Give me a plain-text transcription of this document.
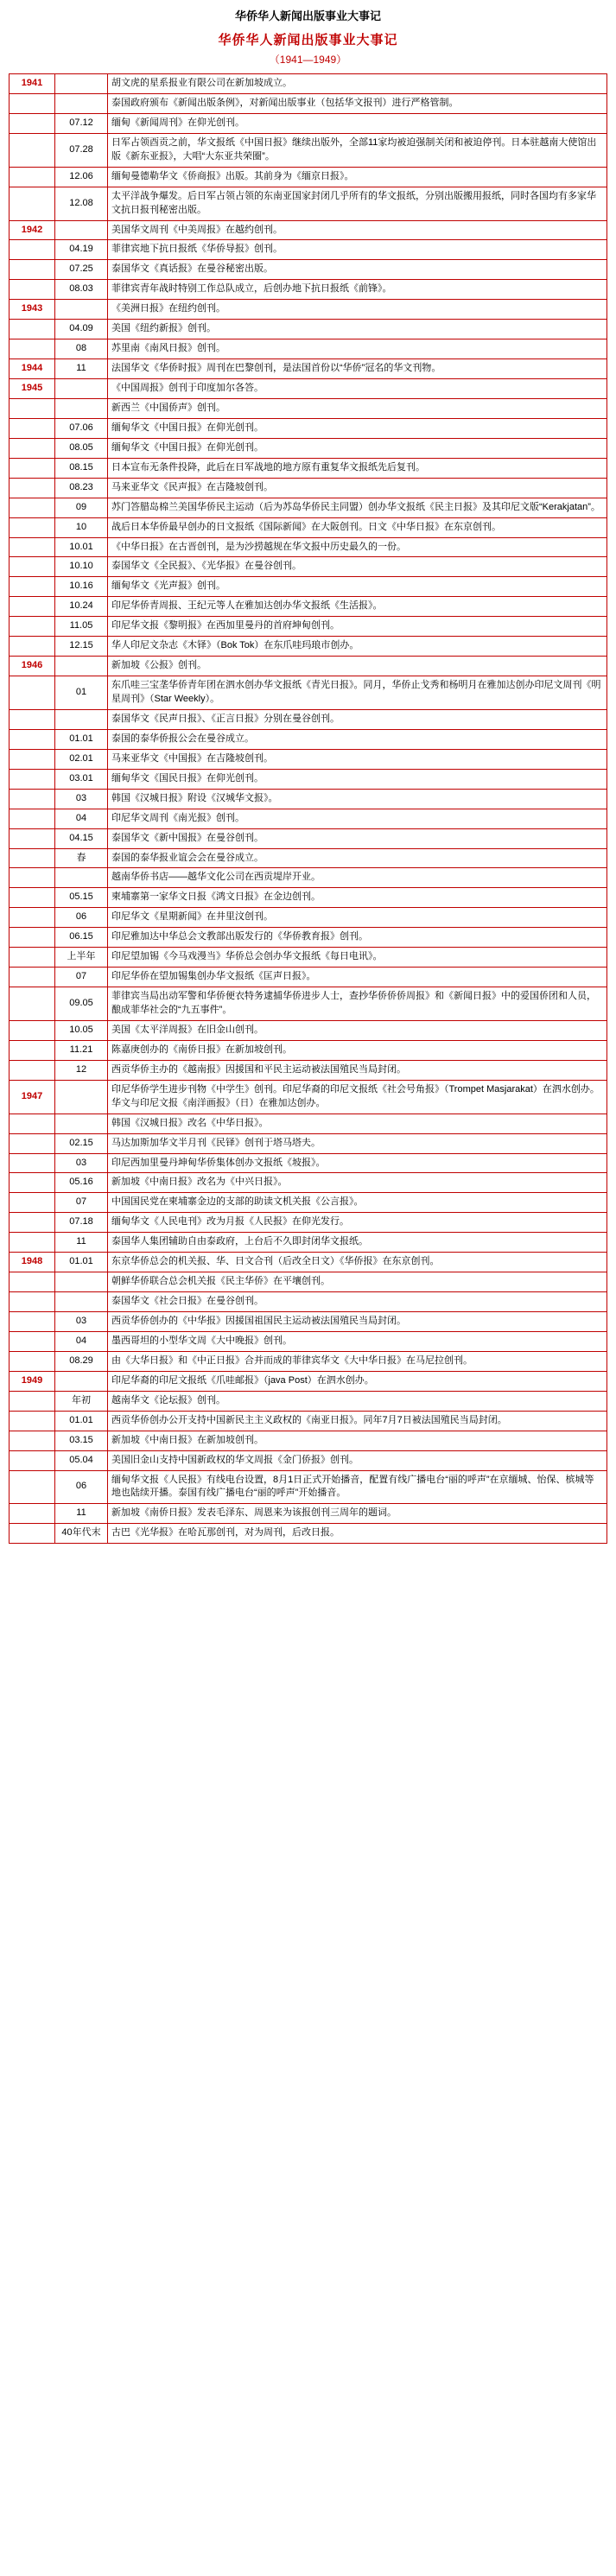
华侨华人新闻出版事业大事记
华侨华人新闻出版事业大事记
（1941—1949）
1941		胡文虎的星系报业有限公司在新加坡成立。
		泰国政府颁布《新闻出版条例》，对新闻出版事业（包括华文报刊）进行严格管制。
	07.12	缅甸《新闻周刊》在仰光创刊。
	07.28	日军占领酉贡之前，华文报纸《中国日报》继续出版外，全部11家均被迫强制关闭和被迫停刊。日本驻越南大使馆出版《新东亚报》，大唱“大东亚共荣圈”。
	12.06	缅甸曼德勒华文《侨商报》出版。其前身为《缅京日报》。
	12.08	太平洋战争爆发。后日军占领占领的东南亚国家封闭几乎所有的华文报纸，分别出版搬用报纸，同时各国均有多家华文抗日报刊秘密出版。
1942		美国华文周刊《中美周报》在越约创刊。
	04.19	菲律宾地下抗日报纸《华侨导报》创刊。
	07.25	泰国华文《真话报》在曼谷秘密出版。
	08.03	菲律宾青年战时特别工作总队成立，后创办地下抗日报纸《前锋》。
1943		《美洲日报》在纽约创刊。
	04.09	美国《纽约新报》创刊。
	08	苏里南《南风日报》创刊。
1944	11	法国华文《华侨时报》周刊在巴黎创刊，是法国首份以“华侨”冠名的华文刊物。
1945		《中国周报》创刊于印度加尔各答。
		新西兰《中国侨声》创刊。
	07.06	缅甸华文《中国日报》在仰光创刊。
	08.05	缅甸华文《中国日报》在仰光创刊。
	08.15	日本宣布无条件投降，此后在日军战地的地方原有重复华文报纸先后复刊。
	08.23	马来亚华文《民声报》在吉隆坡创刊。
	09	苏门答腊岛棉兰美国华侨民主运动（后为苏岛华侨民主同盟）创办华文报纸《民主日报》及其印尼文版“Kerakjatan”。
	10	战后日本华侨最早创办的日文报纸《国际新闻》在大阪创刊。日文《中华日报》在东京创刊。
	10.01	《中华日报》在古晋创刊，是为沙捞越规在华文报中历史最久的一份。
	10.10	泰国华文《全民报》、《光华报》在曼谷创刊。
	10.16	缅甸华文《光声报》创刊。
	10.24	印尼华侨青周报、王纪元等人在雅加达创办华文报纸《生活报》。
	11.05	印尼华文报《黎明报》在西加里曼丹的首府坤甸创刊。
	12.15	华人印尼文杂志《木铎》（Bok Tok）在东爪哇玛琅市创办。
1946		新加坡《公报》创刊。
	01	东爪哇三宝垄华侨青年团在泗水创办华文报纸《青光日报》。同月，华侨止戈秀和杨明月在雅加达创办印尼文周刊《明星周刊》（Star Weekly）。
		泰国华文《民声日报》、《正言日报》分别在曼谷创刊。
	01.01	泰国的泰华侨报公会在曼谷成立。
	02.01	马来亚华文《中国报》在吉隆坡创刊。
	03.01	缅甸华文《国民日报》在仰光创刊。
	03	韩国《汉城日报》附设《汉城华文报》。
	04	印尼华文周刊《南光报》创刊。
	04.15	泰国华文《新中国报》在曼谷创刊。
	春	泰国的泰华报业谊会会在曼谷成立。
		越南华侨书店——越华文化公司在西贡堤岸开业。
	05.15	柬埔寨第一家华文日报《鸿文日报》在金边创刊。
	06	印尼华文《星期新闻》在井里汶创刊。
	06.15	印尼雅加达中华总会文教部出版发行的《华侨教育报》创刊。
	上半年	印尼望加锡《今马戏漫当》华侨总会创办华文报纸《每日电讯》。
	07	印尼华侨在望加锡集创办华文报纸《匡声日报》。
	09.05	菲律宾当局出动军警和华侨便衣特务逮捕华侨进步人士，查抄华侨侨侨周报》和《新闻日报》中的爱国侨团和人员，酿成菲华社会的“九五事件”。
	10.05	美国《太平洋周报》在旧金山创刊。
	11.21	陈嘉庚创办的《南侨日报》在新加坡创刊。
	12	西贡华侨主办的《越南报》因援国和平民主运动被法国殖民当局封闭。
1947		印尼华侨学生进步刊物《中学生》创刊。印尼华裔的印尼文报纸《社会号角报》（Trompet Masjarakat）在泗水创办。华文与印尼文报《南洋画报》（日）在雅加达创办。
		韩国《汉城日报》改名《中华日报》。
	02.15	马达加斯加华文半月刊《民铎》创刊于塔马塔夫。
	03	印尼西加里曼丹坤甸华侨集体创办文报纸《坡报》。
	05.16	新加坡《中南日报》改名为《中兴日报》。
	07	中国国民党在柬埔寨金边的支部的助读文机关报《公言报》。
	07.18	缅甸华文《人民电刊》改为月报《人民报》在仰光发行。
	11	泰国华人集团辅助自由泰政府，上台后不久即封闭华文报纸。
1948	01.01	东京华侨总会的机关报、华、日文合刊（后改全日文）《华侨报》在东京创刊。
		朝鲜华侨联合总会机关报《民主华侨》在平壤创刊。
		泰国华文《社会日报》在曼谷创刊。
	03	西贡华侨创办的《中华报》因援国祖国民主运动被法国殖民当局封闭。
	04	墨西哥坦的小型华文周《大中晚报》创刊。
	08.29	由《大华日报》和《中正日报》合并而成的菲律宾华文《大中华日报》在马尼拉创刊。
1949		印尼华裔的印尼文报纸《爪哇邮报》（java Post）在泗水创办。
	年初	越南华文《论坛报》创刊。
	01.01	西贡华侨创办公开支持中国新民主主义政权的《南亚日报》。同年7月7日被法国殖民当局封闭。
	03.15	新加坡《中南日报》在新加坡创刊。
	05.04	美国旧金山支持中国新政权的华文周报《金门侨报》创刊。
	06	缅甸华文报《人民报》有线电台设置，8月1日正式开始播音，配置有线广播电台“丽的呼声”在京缅城、怡保、槟城等地也陆续开播。泰国有线广播电台“丽的呼声”开始播音。
	11	新加坡《南侨日报》发表毛泽东、周恩来为该报创刊三周年的题词。
	40年代末	古巴《光华报》在哈瓦那创刊，对为周刊，后改日报。
